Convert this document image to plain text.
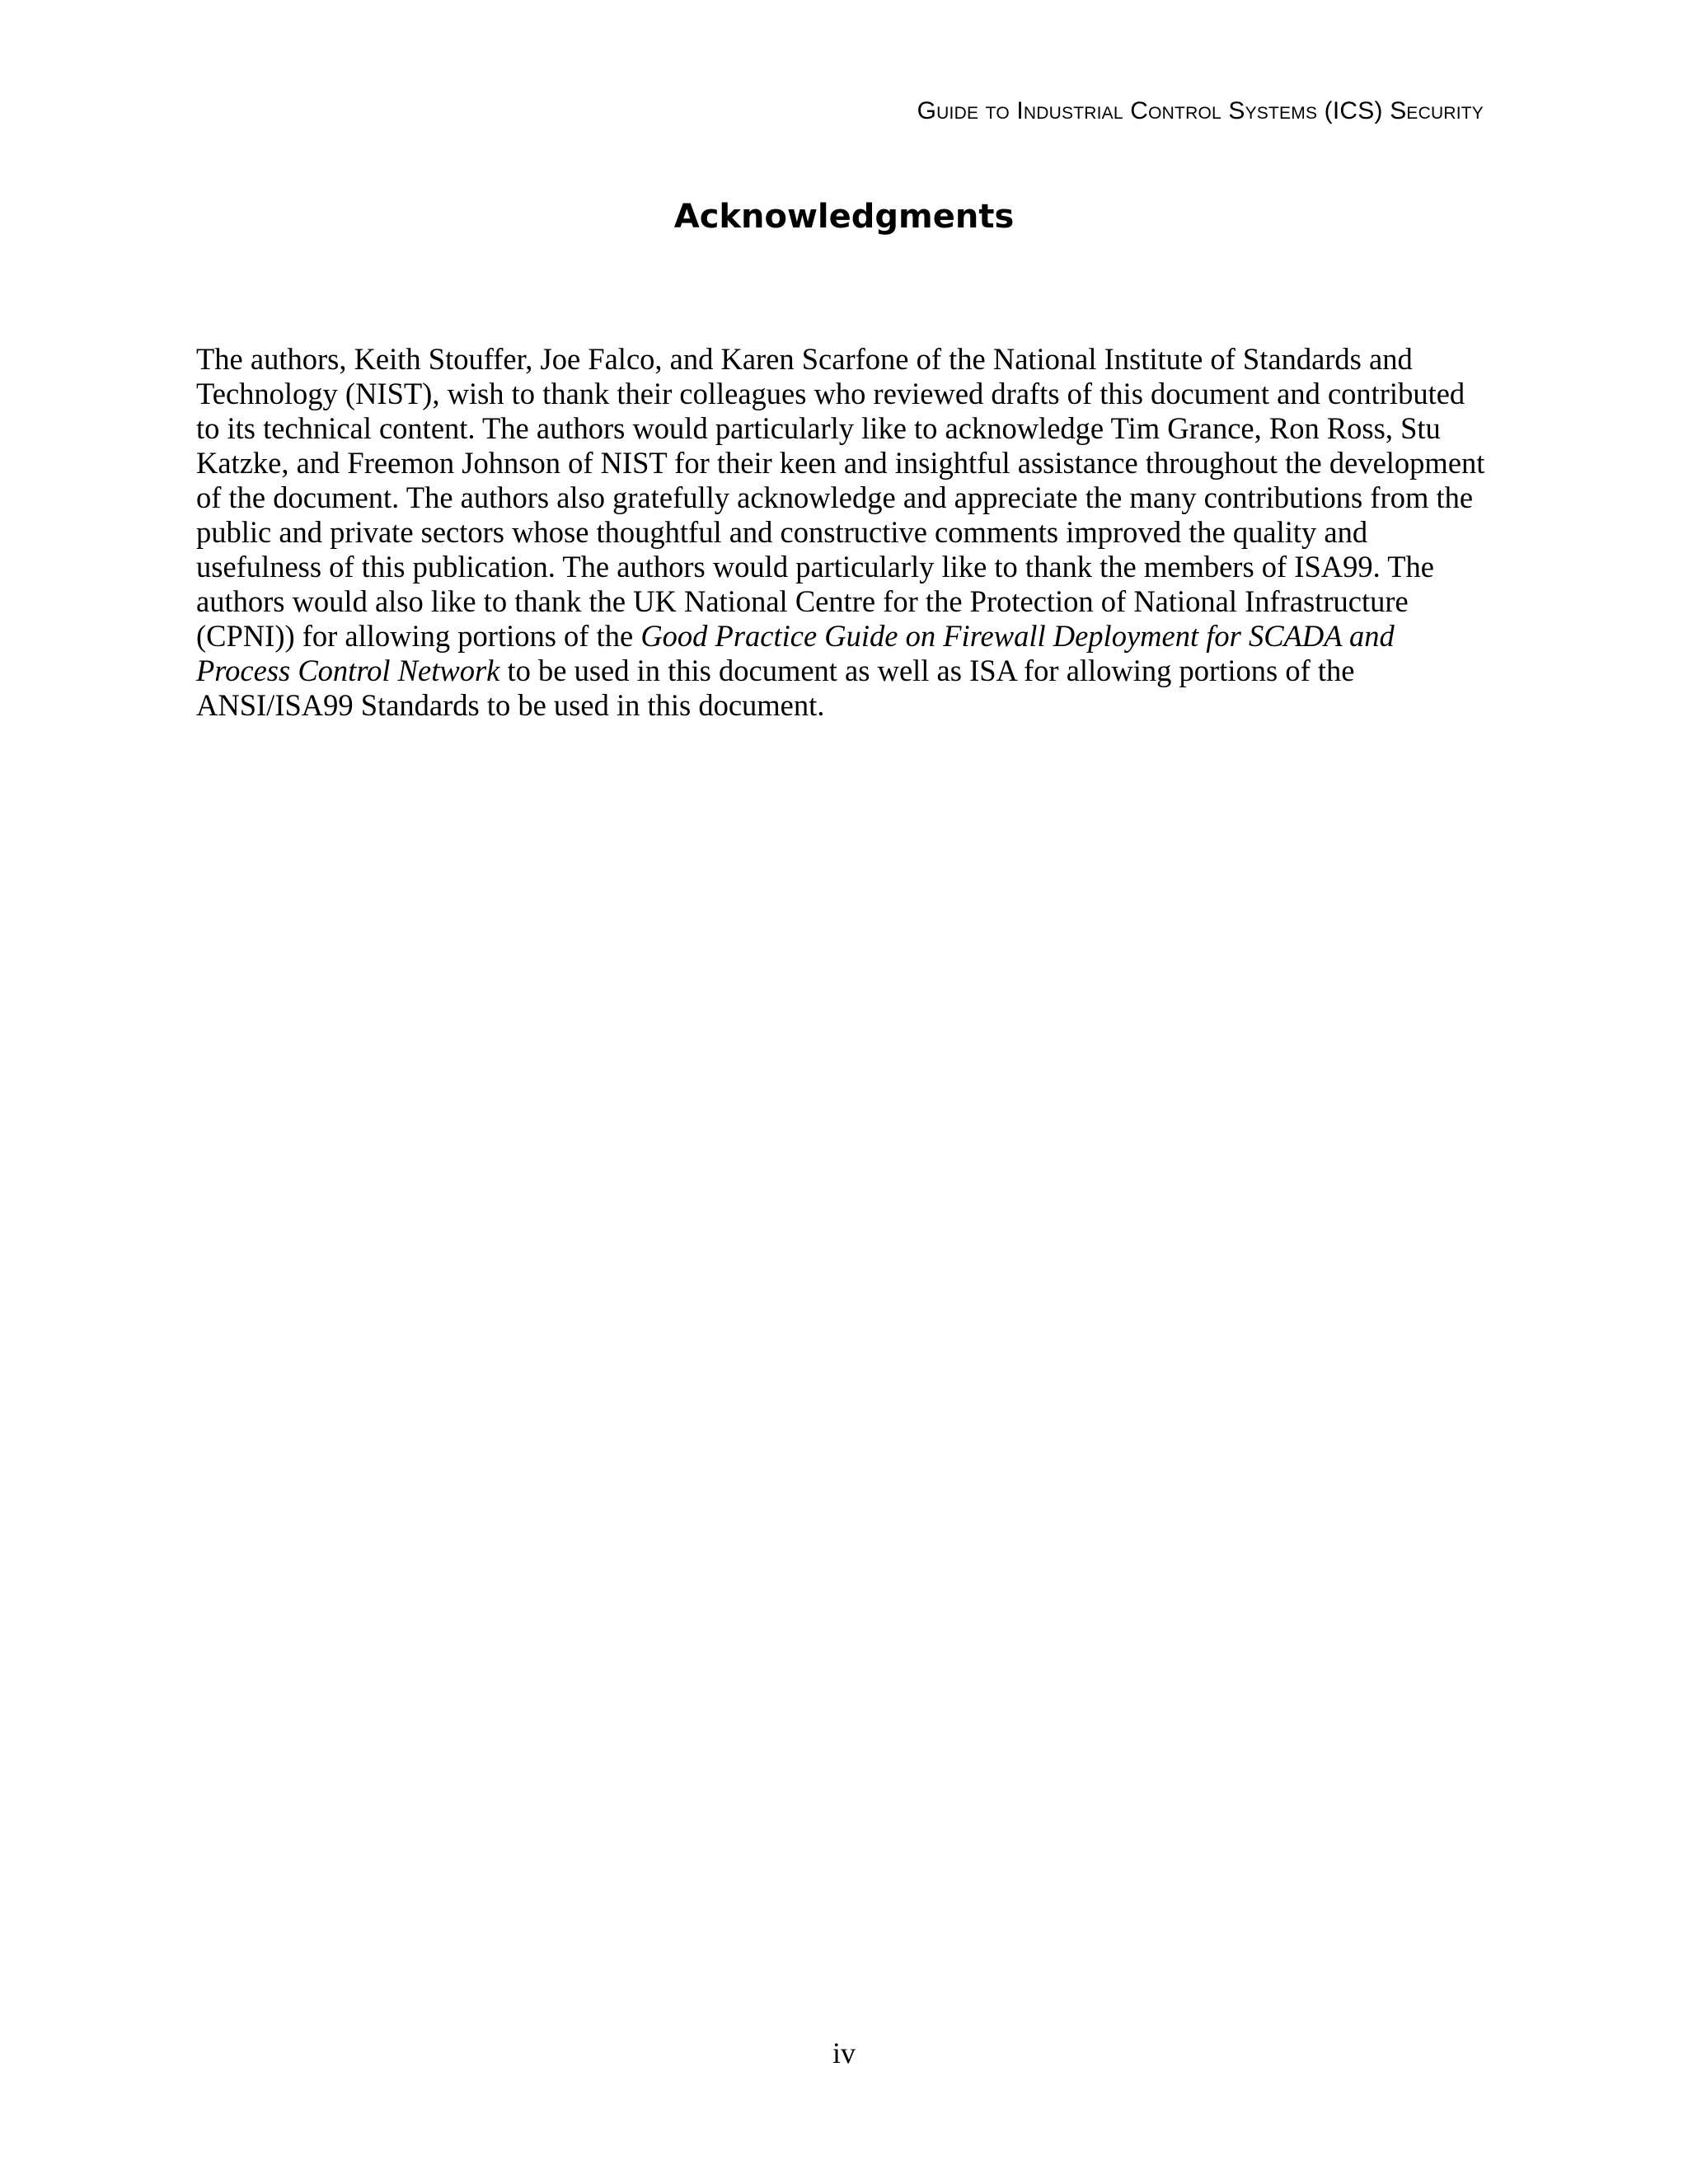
Guide to Industrial Control Systems (ICS) Security
Acknowledgments

The authors, Keith Stouffer, Joe Falco, and Karen Scarfone of the National Institute of Standards and Technology (NIST), wish to thank their colleagues who reviewed drafts of this document and contributed to its technical content. The authors would particularly like to acknowledge Tim Grance, Ron Ross, Stu Katzke, and Freemon Johnson of NIST for their keen and insightful assistance throughout the development of the document. The authors also gratefully acknowledge and appreciate the many contributions from the public and private sectors whose thoughtful and constructive comments improved the quality and usefulness of this publication. The authors would particularly like to thank the members of ISA99. The authors would also like to thank the UK National Centre for the Protection of National Infrastructure (CPNI)) for allowing portions of the Good Practice Guide on Firewall Deployment for SCADA and Process Control Network to be used in this document as well as ISA for allowing portions of the ANSI/ISA99 Standards to be used in this document.

iv
